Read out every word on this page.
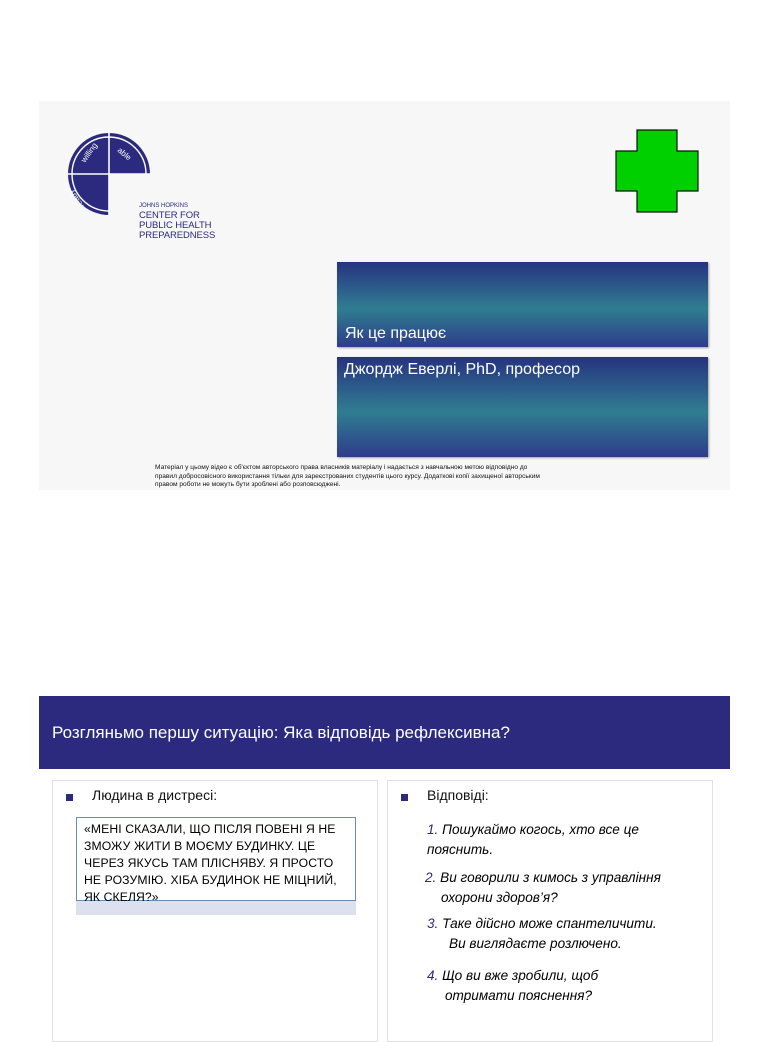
willing able
ready	JOHNS HOPKINS
CENTER FOR
PUBLIC HEALTH
PREPAREDNESS
Як це працює
Джордж Еверлі, PhD, професор
Матеріал у цьому відео є об'єктом авторського права власників матеріалу і надається з навчальною метою відповідно до
правил добросовісного використання тільки для зареєстрованих студентів цього курсу. Додаткові копії захищеної авторським
правом роботи не можуть бути зроблені або розповсюджені.
Розгляньмо першу ситуацію: Яка відповідь рефлексивна?
Людина в дистресі:
«МЕНІ СКАЗАЛИ, ЩО ПІСЛЯ ПОВЕНІ Я НЕ ЗМОЖУ ЖИТИ В МОЄМУ БУДИНКУ. ЦЕ ЧЕРЕЗ ЯКУСЬ ТАМ ПЛІСНЯВУ. Я ПРОСТО НЕ РОЗУМІЮ. ХІБА БУДИНОК НЕ МІЦНИЙ, ЯК СКЕЛЯ?»
Відповіді:
1. Пошукаймо когось, хто все це
пояснить.
2. Ви говорили з кимось з управління
охорони здоров’я?
3. Таке дійсно може спантеличити.
Ви виглядаєте розлючено.
4. Що ви вже зробили, щоб
отримати пояснення?
